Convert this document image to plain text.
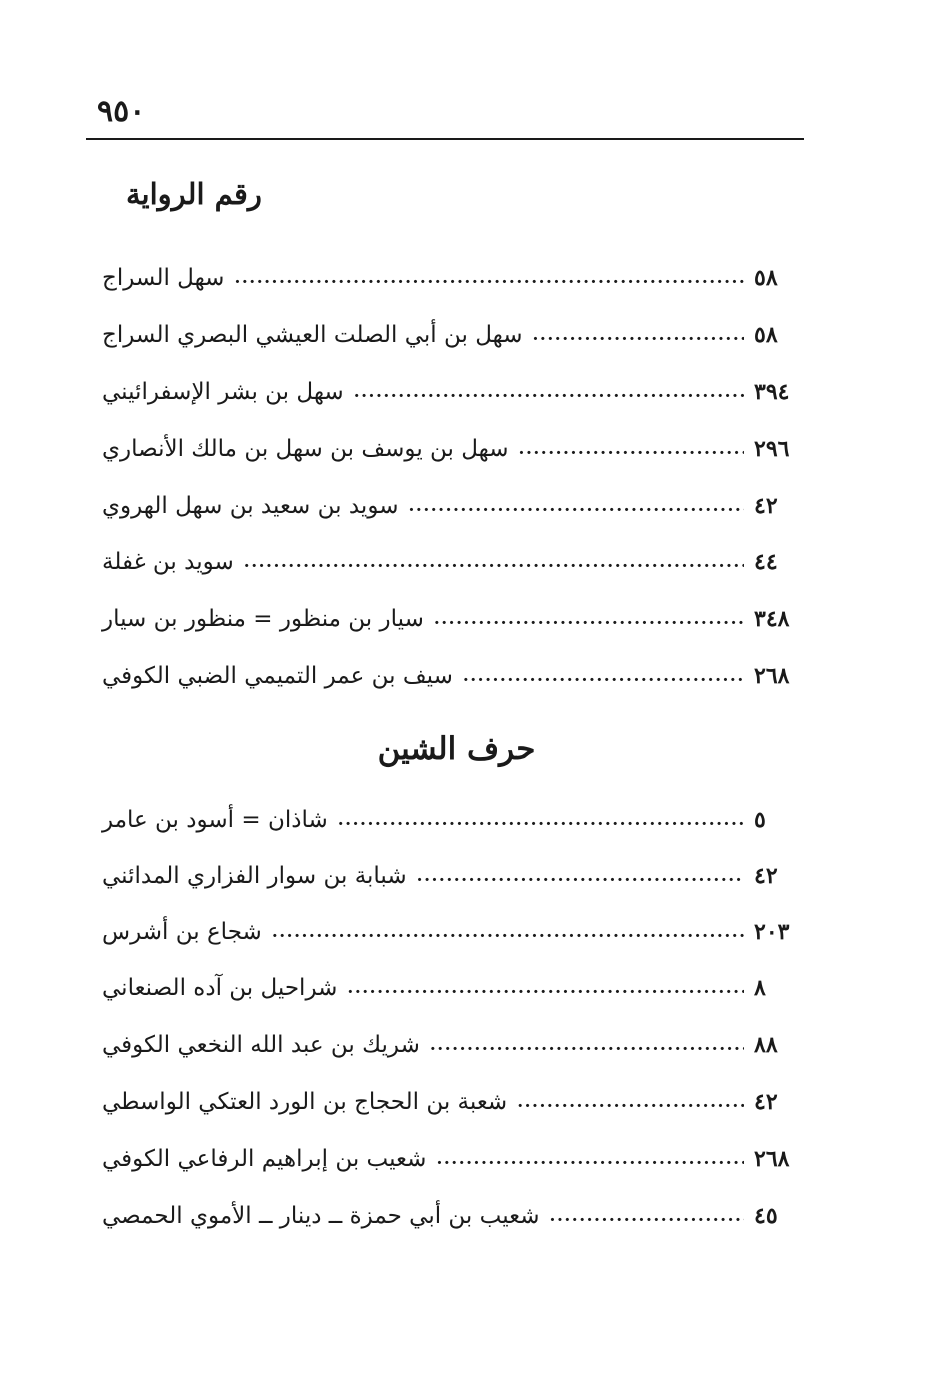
٩٥٠
رقم الرواية
سهل السراج .....	٥٨
سهل بن أبي الصلت العيشي البصري السراج .....	٥٨
سهل بن بشر الإسفرائيني .....	٣٩٤
سهل بن يوسف بن سهل بن مالك الأنصاري .....	٢٩٦
سويد بن سعيد بن سهل الهروي .....	٤٢
سويد بن غفلة .....	٤٤
سيار بن منظور = منظور بن سيار .....	٣٤٨
سيف بن عمر التميمي الضبي الكوفي .....	٢٦٨
حرف الشين
شاذان = أسود بن عامر .....	٥
شبابة بن سوار الفزاري المدائني .....	٤٢
شجاع بن أشرس .....	٢٠٣
شراحيل بن آده الصنعاني .....	٨
شريك بن عبد الله النخعي الكوفي .....	٨٨
شعبة بن الحجاج بن الورد العتكي الواسطي .....	٤٢
شعيب بن إبراهيم الرفاعي الكوفي .....	٢٦٨
شعيب بن أبي حمزة ــ دينار ــ الأموي الحمصي .....	٤٥
